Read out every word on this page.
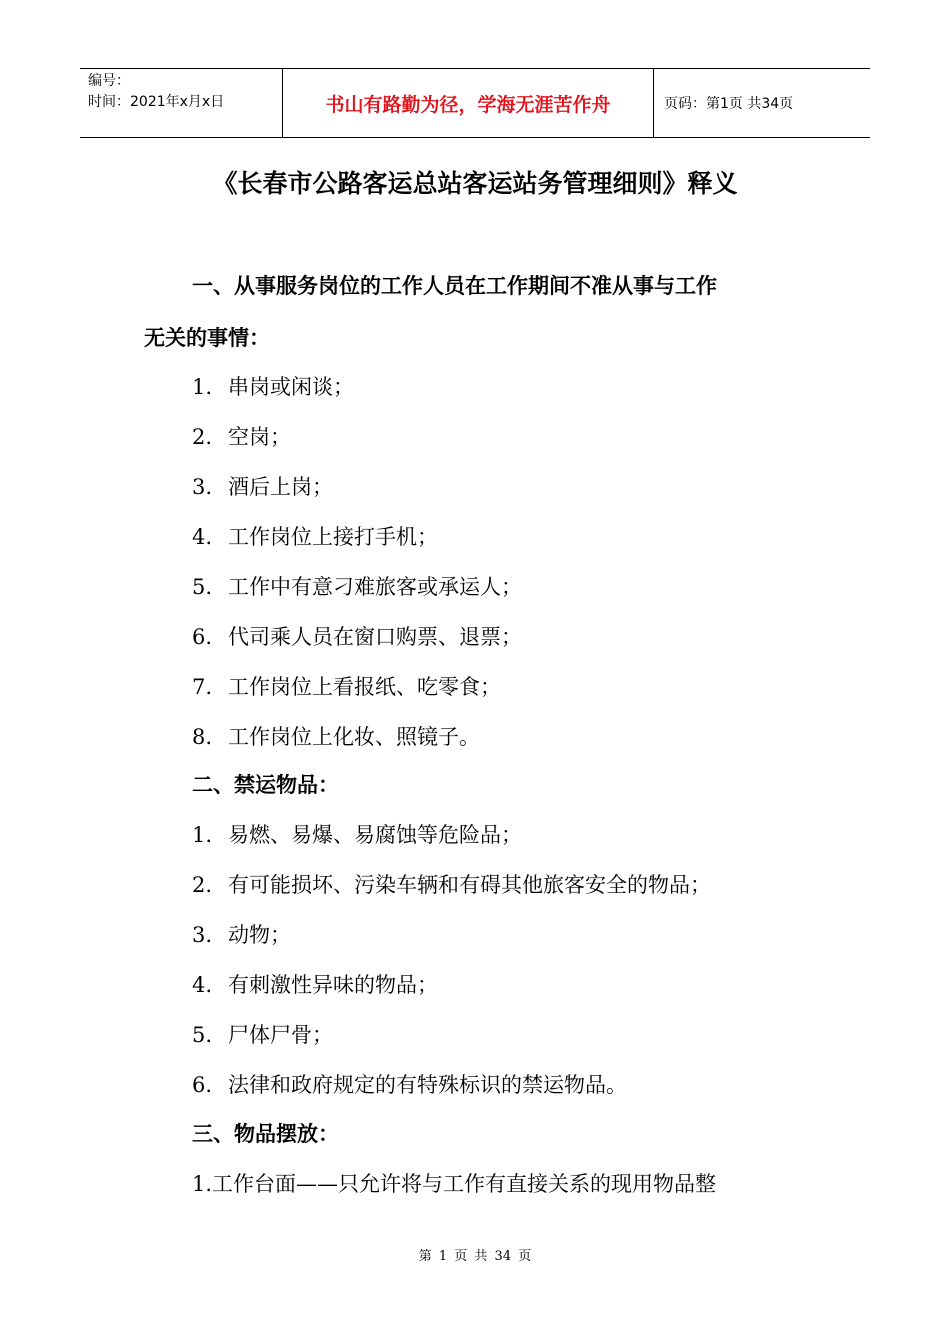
编号：
时间：2021年x月x日	书山有路勤为径，学海无涯苦作舟	页码：第1页 共34页
《长春市公路客运总站客运站务管理细则》释义
一、从事服务岗位的工作人员在工作期间不准从事与工作
无关的事情：
1. 串岗或闲谈；
2. 空岗；
3. 酒后上岗；
4. 工作岗位上接打手机；
5. 工作中有意刁难旅客或承运人；
6. 代司乘人员在窗口购票、退票；
7. 工作岗位上看报纸、吃零食；
8. 工作岗位上化妆、照镜子。
二、禁运物品：
1. 易燃、易爆、易腐蚀等危险品；
2. 有可能损坏、污染车辆和有碍其他旅客安全的物品；
3. 动物；
4. 有刺激性异味的物品；
5. 尸体尸骨；
6. 法律和政府规定的有特殊标识的禁运物品。
三、物品摆放：
1.工作台面——只允许将与工作有直接关系的现用物品整
第 1 页 共 34 页
